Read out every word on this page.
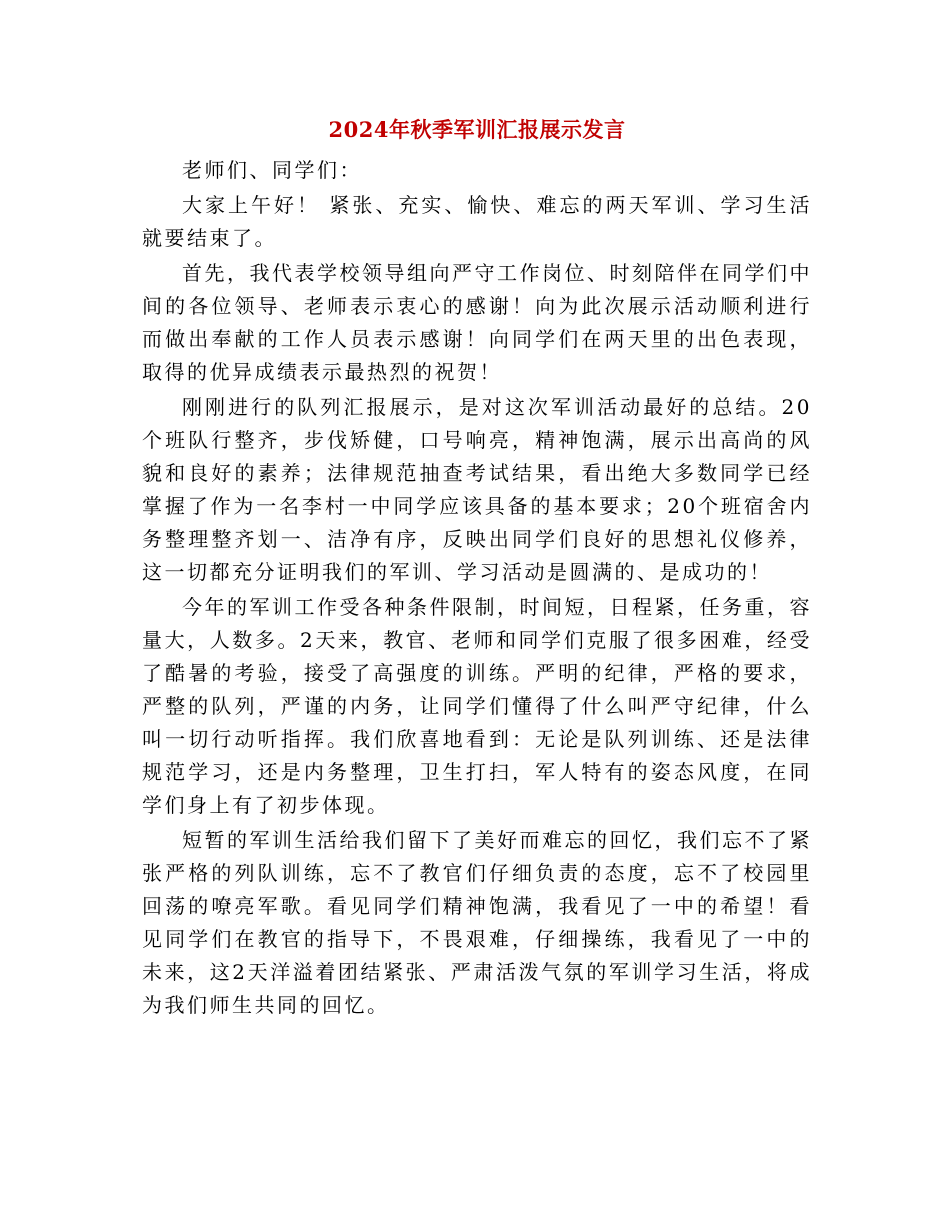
2024年秋季军训汇报展示发言

老师们、同学们：

大家上午好！ 紧张、充实、愉快、难忘的两天军训、学习生活就要结束了。

首先，我代表学校领导组向严守工作岗位、时刻陪伴在同学们中间的各位领导、老师表示衷心的感谢！向为此次展示活动顺利进行而做出奉献的工作人员表示感谢！向同学们在两天里的出色表现，取得的优异成绩表示最热烈的祝贺！

刚刚进行的队列汇报展示，是对这次军训活动最好的总结。20个班队行整齐，步伐矫健，口号响亮，精神饱满，展示出高尚的风貌和良好的素养；法律规范抽查考试结果，看出绝大多数同学已经掌握了作为一名李村一中同学应该具备的基本要求；20个班宿舍内务整理整齐划一、洁净有序，反映出同学们良好的思想礼仪修养，这一切都充分证明我们的军训、学习活动是圆满的、是成功的！

今年的军训工作受各种条件限制，时间短，日程紧，任务重，容量大，人数多。2天来，教官、老师和同学们克服了很多困难，经受了酷暑的考验，接受了高强度的训练。严明的纪律，严格的要求，严整的队列，严谨的内务，让同学们懂得了什么叫严守纪律，什么叫一切行动听指挥。我们欣喜地看到：无论是队列训练、还是法律规范学习，还是内务整理，卫生打扫，军人特有的姿态风度，在同学们身上有了初步体现。

短暂的军训生活给我们留下了美好而难忘的回忆，我们忘不了紧张严格的列队训练，忘不了教官们仔细负责的态度，忘不了校园里回荡的嘹亮军歌。看见同学们精神饱满，我看见了一中的希望！看见同学们在教官的指导下，不畏艰难，仔细操练，我看见了一中的未来，这2天洋溢着团结紧张、严肃活泼气氛的军训学习生活，将成为我们师生共同的回忆。
